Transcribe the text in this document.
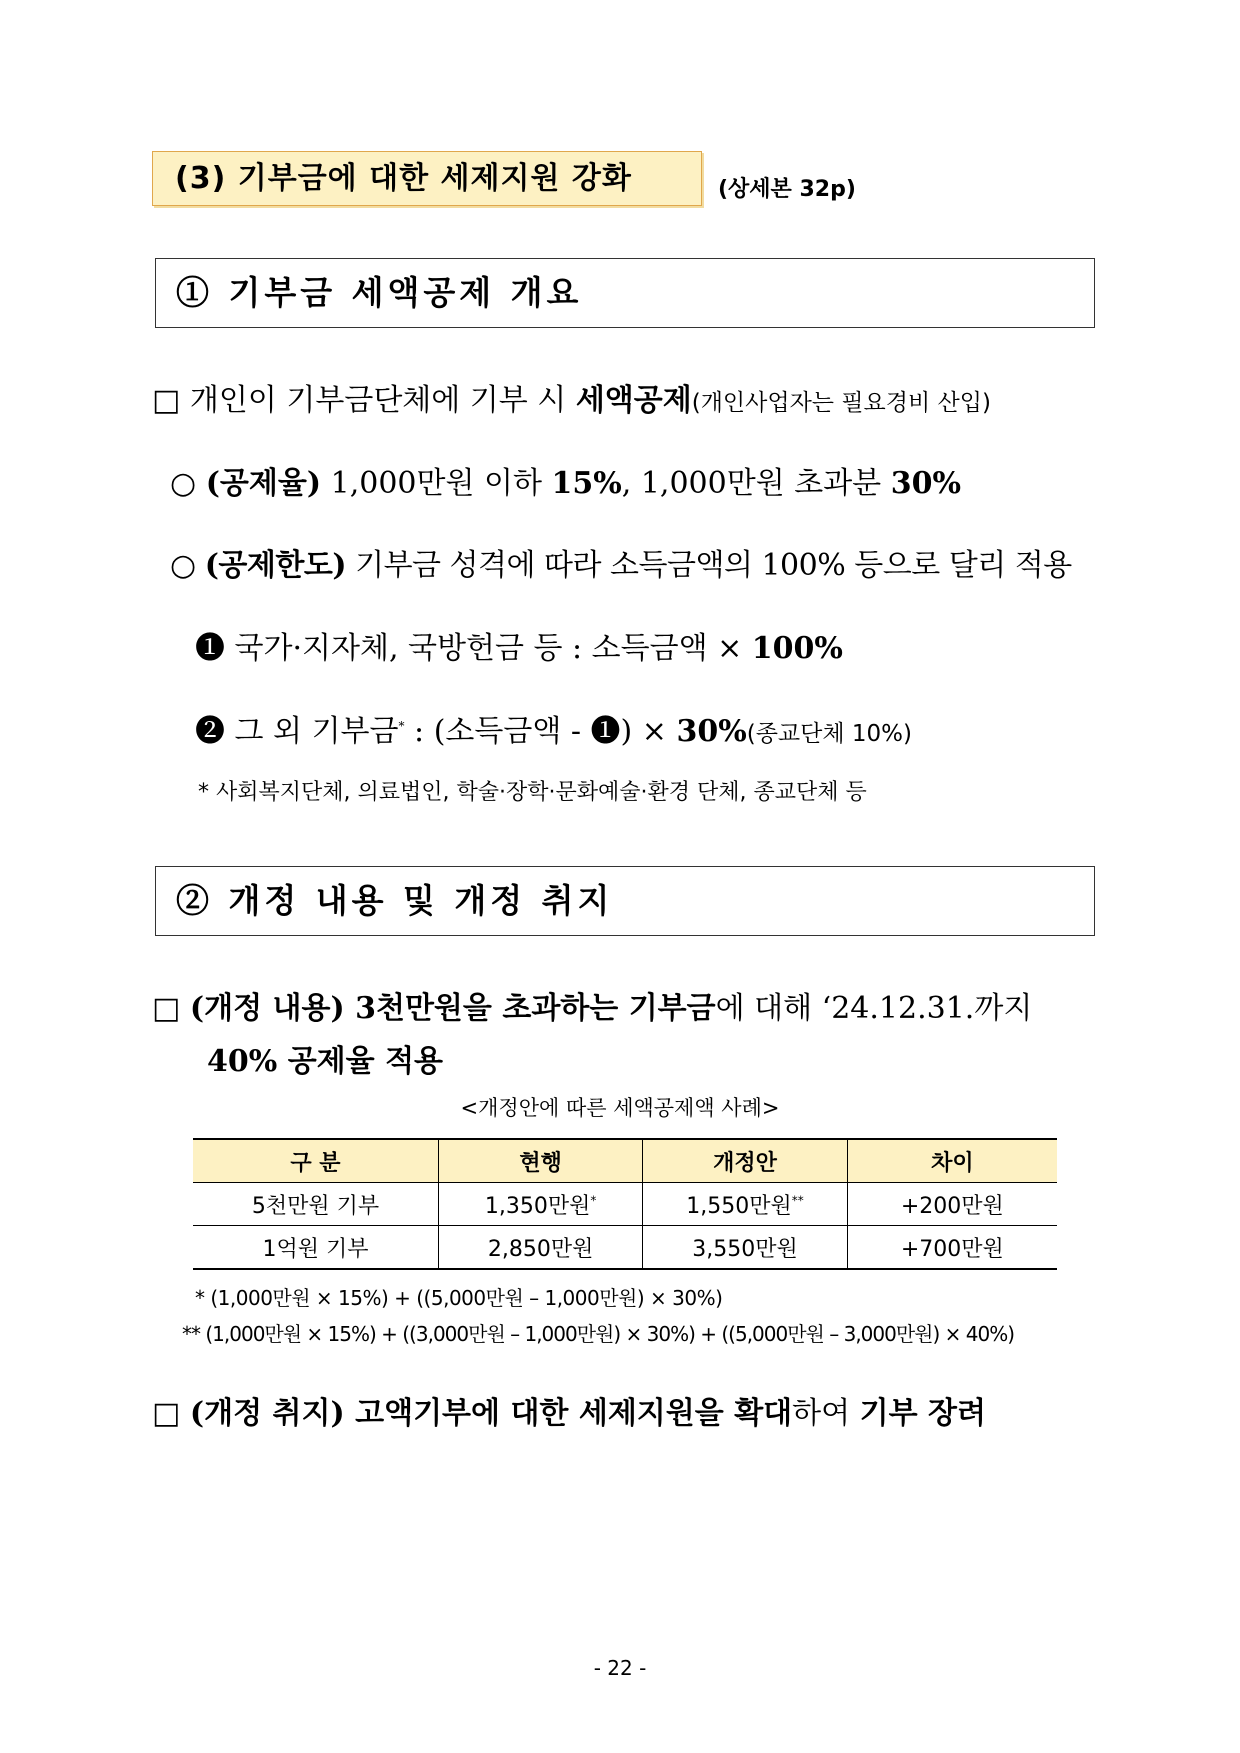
(3) 기부금에 대한 세제지원 강화	(상세본 32p)
① 기부금 세액공제 개요
□ 개인이 기부금단체에 기부 시 세액공제(개인사업자는 필요경비 산입)
○ (공제율) 1,000만원 이하 15%, 1,000만원 초과분 30%
○ (공제한도) 기부금 성격에 따라 소득금액의 100% 등으로 달리 적용
❶ 국가·지자체, 국방헌금 등 : 소득금액 × 100%
❷ 그 외 기부금* : (소득금액 - ❶) × 30%(종교단체 10%)
* 사회복지단체, 의료법인, 학술·장학·문화예술·환경 단체, 종교단체 등
② 개정 내용 및 개정 취지
□ (개정 내용) 3천만원을 초과하는 기부금에 대해 ‘24.12.31.까지
40% 공제율 적용
<개정안에 따른 세액공제액 사례>
구 분	현행	개정안	차이
5천만원 기부	1,350만원*	1,550만원**	+200만원
1억원 기부	2,850만원	3,550만원	+700만원
* (1,000만원 × 15%) + ((5,000만원 – 1,000만원) × 30%)
** (1,000만원 × 15%) + ((3,000만원 – 1,000만원) × 30%) + ((5,000만원 – 3,000만원) × 40%)
□ (개정 취지) 고액기부에 대한 세제지원을 확대하여 기부 장려
- 22 -
